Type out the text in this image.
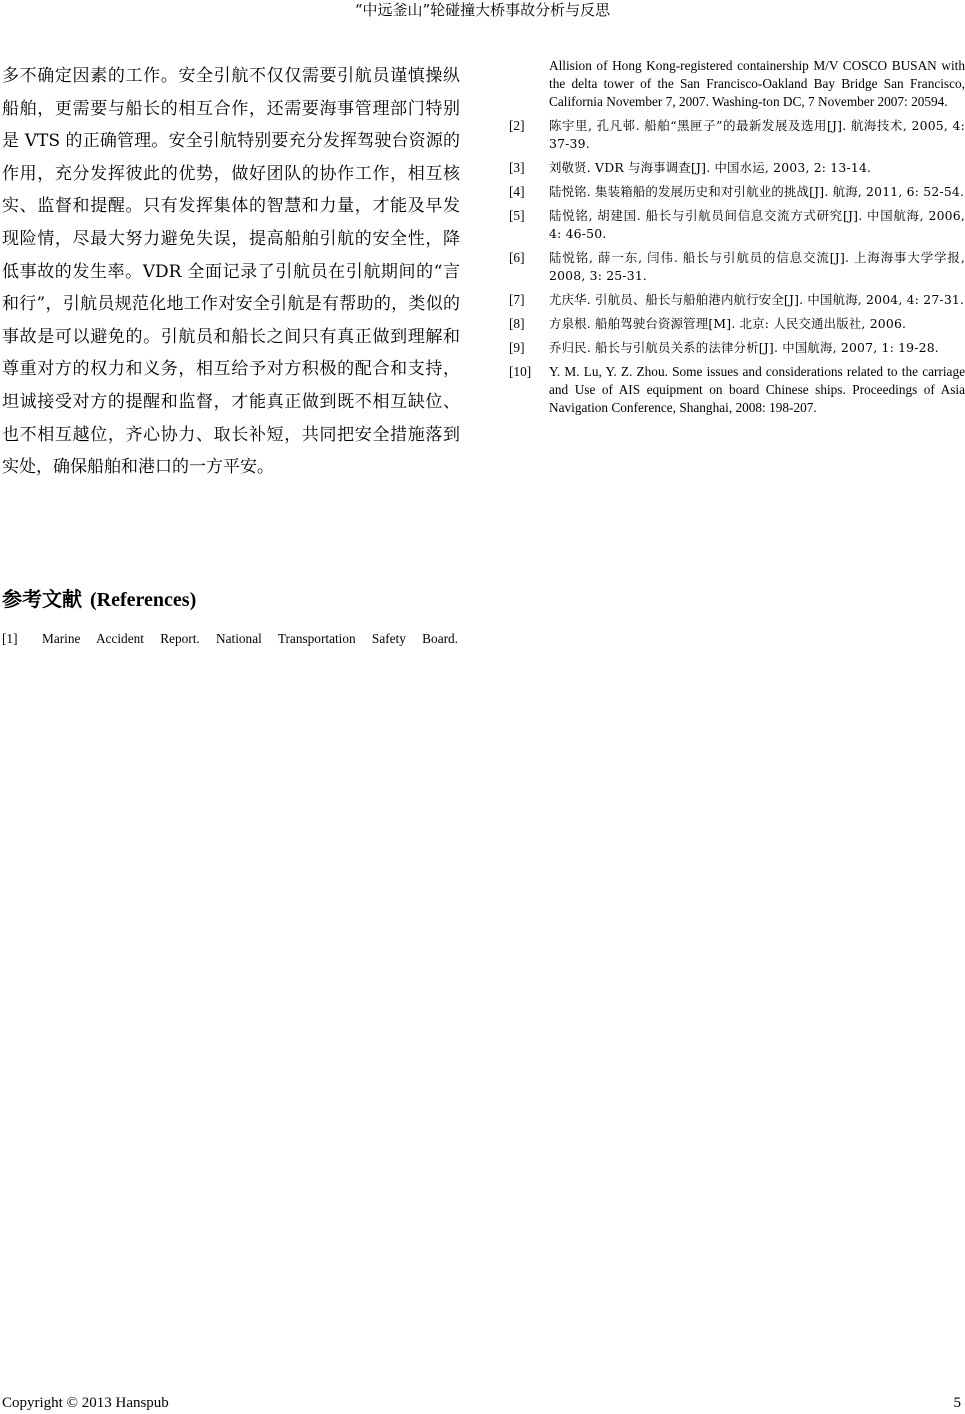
“中远釜山”轮碰撞大桥事故分析与反思

多不确定因素的工作。安全引航不仅仅需要引航员谨慎操纵船舶，更需要与船长的相互合作，还需要海事管理部门特别是 VTS 的正确管理。安全引航特别要充分发挥驾驶台资源的作用，充分发挥彼此的优势，做好团队的协作工作，相互核实、监督和提醒。只有发挥集体的智慧和力量，才能及早发现险情，尽最大努力避免失误，提高船舶引航的安全性，降低事故的发生率。VDR 全面记录了引航员在引航期间的“言和行”，引航员规范化地工作对安全引航是有帮助的，类似的事故是可以避免的。引航员和船长之间只有真正做到理解和尊重对方的权力和义务，相互给予对方积极的配合和支持，坦诚接受对方的提醒和监督，才能真正做到既不相互缺位、也不相互越位，齐心协力、取长补短，共同把安全措施落到实处，确保船舶和港口的一方平安。

参考文献 (References)
[1]	Marine Accident Report. National Transportation Safety Board.
Allision of Hong Kong-registered containership M/V COSCO BUSAN with the delta tower of the San Francisco-Oakland Bay Bridge San Francisco, California November 7, 2007. Washing-ton DC, 7 November 2007: 20594.
[2]	陈宇里, 孔凡邨. 船舶“黑匣子”的最新发展及选用[J]. 航海技术, 2005, 4: 37-39.
[3]	刘敬贤. VDR 与海事调查[J]. 中国水运, 2003, 2: 13-14.
[4]	陆悦铭. 集装箱船的发展历史和对引航业的挑战[J]. 航海, 2011, 6: 52-54.
[5]	陆悦铭, 胡建国. 船长与引航员间信息交流方式研究[J]. 中国航海, 2006, 4: 46-50.
[6]	陆悦铭, 薛一东, 闫伟. 船长与引航员的信息交流[J]. 上海海事大学学报, 2008, 3: 25-31.
[7]	尤庆华. 引航员、船长与船舶港内航行安全[J]. 中国航海, 2004, 4: 27-31.
[8]	方泉根. 船舶驾驶台资源管理[M]. 北京: 人民交通出版社, 2006.
[9]	乔归民. 船长与引航员关系的法律分析[J]. 中国航海, 2007, 1: 19-28.
[10]	Y. M. Lu, Y. Z. Zhou. Some issues and considerations related to the carriage and Use of AIS equipment on board Chinese ships. Proceedings of Asia Navigation Conference, Shanghai, 2008: 198-207.
Copyright © 2013 Hanspub	5
